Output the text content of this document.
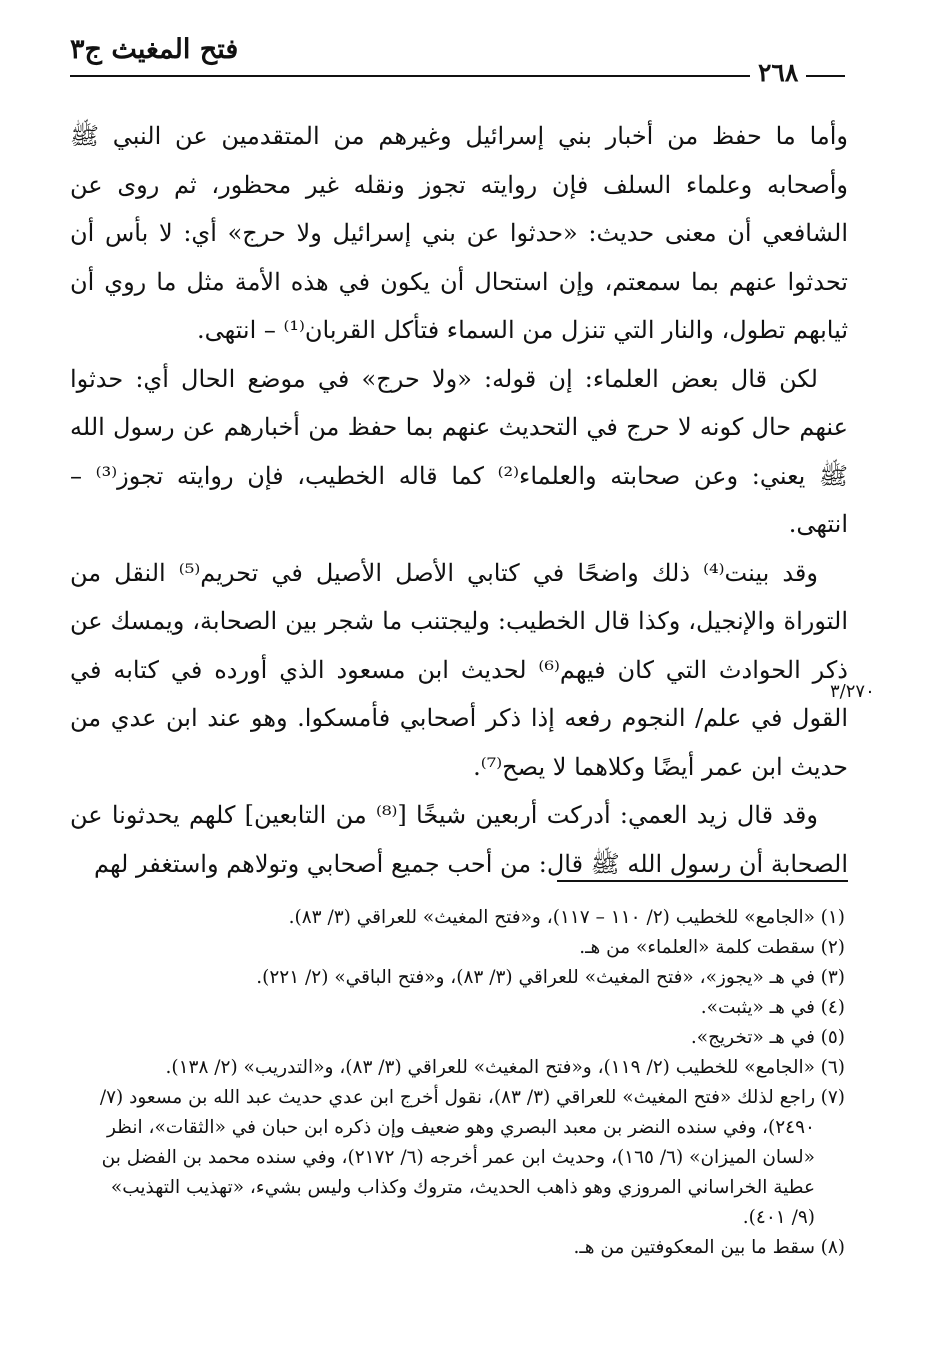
فتح المغيث ج٣
٢٦٨

وأما ما حفظ من أخبار بني إسرائيل وغيرهم من المتقدمين عن النبي ﷺ وأصحابه وعلماء السلف فإن روايته تجوز ونقله غير محظور، ثم روى عن الشافعي أن معنى حديث: «حدثوا عن بني إسرائيل ولا حرج» أي: لا بأس أن تحدثوا عنهم بما سمعتم، وإن استحال أن يكون في هذه الأمة مثل ما روي أن ثيابهم تطول، والنار التي تنزل من السماء فتأكل القربان⁽¹⁾ – انتهى.

لكن قال بعض العلماء: إن قوله: «ولا حرج» في موضع الحال أي: حدثوا عنهم حال كونه لا حرج في التحديث عنهم بما حفظ من أخبارهم عن رسول الله ﷺ يعني: وعن صحابته والعلماء⁽²⁾ كما قاله الخطيب، فإن روايته تجوز⁽³⁾ – انتهى.

وقد بينت⁽⁴⁾ ذلك واضحًا في كتابي الأصل الأصيل في تحريم⁽⁵⁾ النقل من التوراة والإنجيل، وكذا قال الخطيب: وليجتنب ما شجر بين الصحابة، ويمسك عن ذكر الحوادث التي كان فيهم⁽⁶⁾ لحديث ابن مسعود الذي أورده في كتابه في القول في علم/ النجوم رفعه إذا ذكر أصحابي فأمسكوا. وهو عند ابن عدي من حديث ابن عمر أيضًا وكلاهما لا يصح⁽⁷⁾.

وقد قال زيد العمي: أدركت أربعين شيخًا [⁽⁸⁾ من التابعين] كلهم يحدثونا عن الصحابة أن رسول الله ﷺ قال: من أحب جميع أصحابي وتولاهم واستغفر لهم

٣/٢٧٠

(١)«الجامع» للخطيب (٢/ ١١٠ – ١١٧)، و«فتح المغيث» للعراقي (٣/ ٨٣).

(٢)سقطت كلمة «العلماء» من هـ.

(٣)في هـ «يجوز»، «فتح المغيث» للعراقي (٣/ ٨٣)، و«فتح الباقي» (٢/ ٢٢١).

(٤)في هـ «يثبت».

(٥)في هـ «تخريج».

(٦)«الجامع» للخطيب (٢/ ١١٩)، و«فتح المغيث» للعراقي (٣/ ٨٣)، و«التدريب» (٢/ ١٣٨).

(٧)راجع لذلك «فتح المغيث» للعراقي (٣/ ٨٣)، نقول أخرج ابن عدي حديث عبد الله بن مسعود (٧/ ٢٤٩٠)، وفي سنده النضر بن معبد البصري وهو ضعيف وإن ذكره ابن حبان في «الثقات»، انظر «لسان الميزان» (٦/ ١٦٥)، وحديث ابن عمر أخرجه (٦/ ٢١٧٢)، وفي سنده محمد بن الفضل بن عطية الخراساني المروزي وهو ذاهب الحديث، متروك وكذاب وليس بشيء، «تهذيب التهذيب» (٩/ ٤٠١).

(٨)سقط ما بين المعكوفتين من هـ.
